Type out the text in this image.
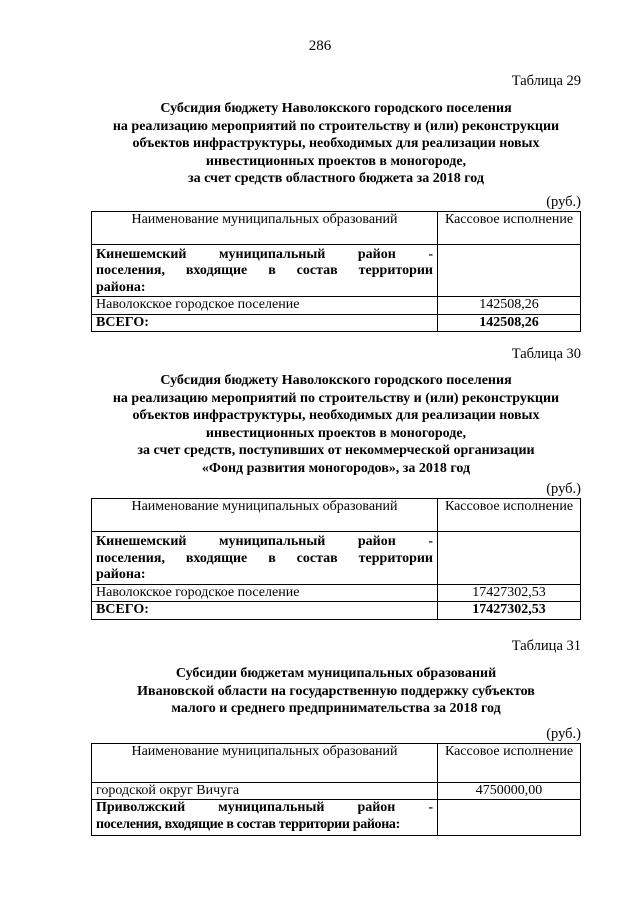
286
Таблица 29
Субсидия бюджету Наволокского городского поселения
на реализацию мероприятий по строительству и (или) реконструкции
объектов инфраструктуры, необходимых для реализации новых
инвестиционных проектов в моногороде,
за счет средств областного бюджета за 2018 год
(руб.)
Наименование муниципальных образований	Кассовое исполнение

Кинешемский муниципальный район -
поселения, входящие в состав территории
района:	

Наволокское городское поселение	142508,26
ВСЕГО:	142508,26
Таблица 30
Субсидия бюджету Наволокского городского поселения
на реализацию мероприятий по строительству и (или) реконструкции
объектов инфраструктуры, необходимых для реализации новых
инвестиционных проектов в моногороде,
за счет средств, поступивших от некоммерческой организации
«Фонд развития моногородов», за 2018 год
(руб.)
Наименование муниципальных образований	Кассовое исполнение

Кинешемский муниципальный район -
поселения, входящие в состав территории
района:	

Наволокское городское поселение	17427302,53
ВСЕГО:	17427302,53
Таблица 31
Субсидии бюджетам муниципальных образований
Ивановской области на государственную поддержку субъектов
малого и среднего предпринимательства за 2018 год
(руб.)
Наименование муниципальных образований	Кассовое исполнение
городской округ Вичуга	4750000,00

Приволжский муниципальный район -
поселения, входящие в состав территории района:	
